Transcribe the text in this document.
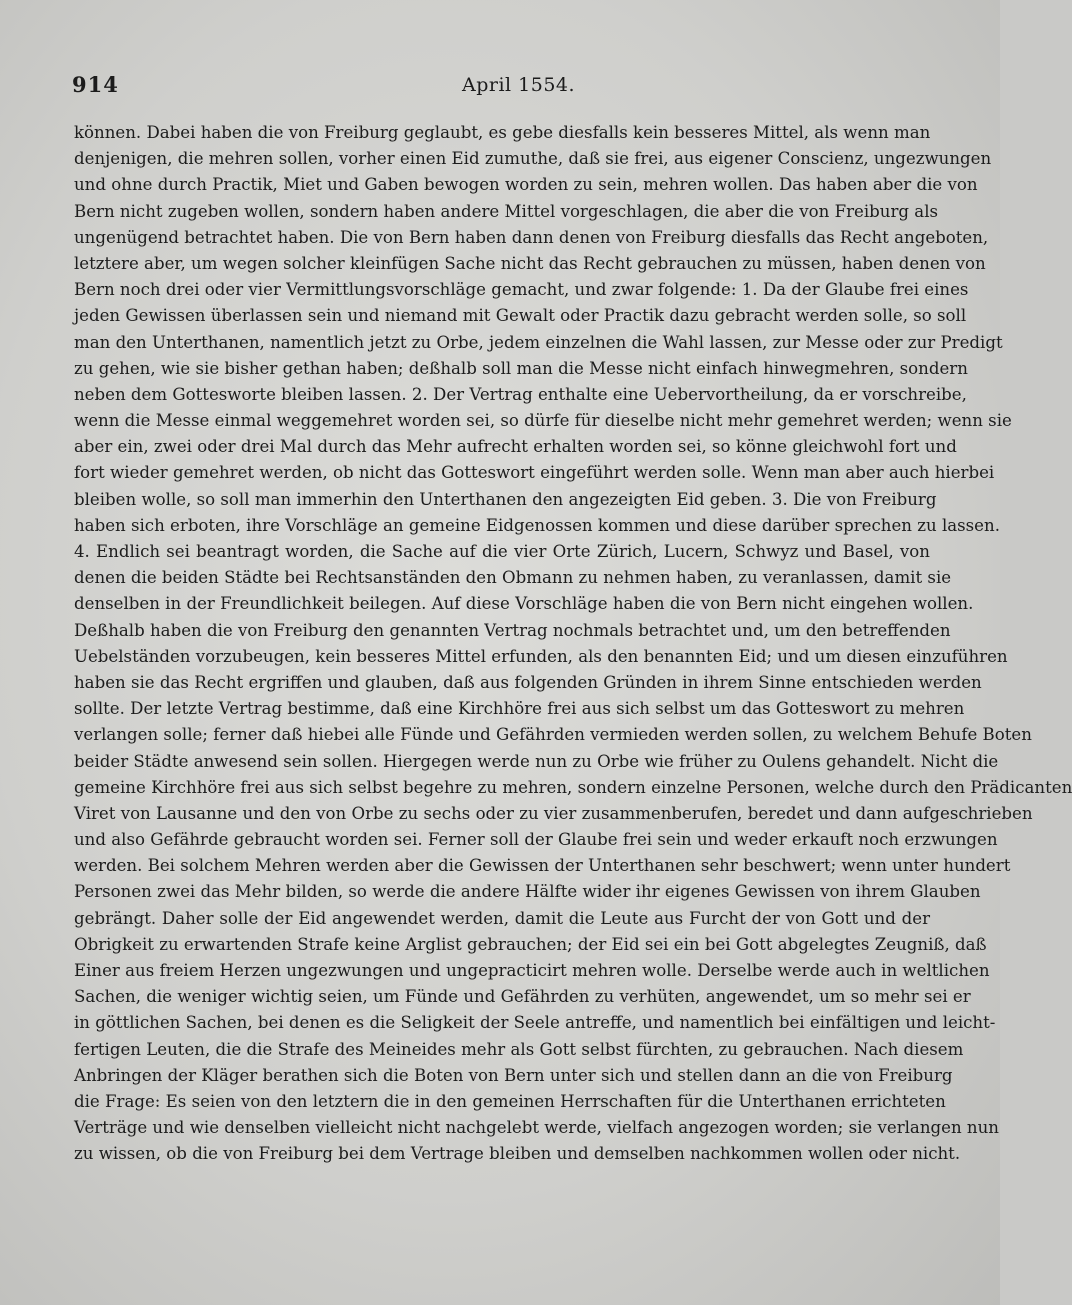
914	April 1554.
können. Dabei haben die von Freiburg geglaubt, es gebe diesfalls kein besseres Mittel, als wenn man
denjenigen, die mehren sollen, vorher einen Eid zumuthe, daß sie frei, aus eigener Conscienz, ungezwungen
und ohne durch Practik, Miet und Gaben bewogen worden zu sein, mehren wollen. Das haben aber die von
Bern nicht zugeben wollen, sondern haben andere Mittel vorgeschlagen, die aber die von Freiburg als
ungenügend betrachtet haben. Die von Bern haben dann denen von Freiburg diesfalls das Recht angeboten,
letztere aber, um wegen solcher kleinfügen Sache nicht das Recht gebrauchen zu müssen, haben denen von
Bern noch drei oder vier Vermittlungsvorschläge gemacht, und zwar folgende: 1. Da der Glaube frei eines
jeden Gewissen überlassen sein und niemand mit Gewalt oder Practik dazu gebracht werden solle, so soll
man den Unterthanen, namentlich jetzt zu Orbe, jedem einzelnen die Wahl lassen, zur Messe oder zur Predigt
zu gehen, wie sie bisher gethan haben; deßhalb soll man die Messe nicht einfach hinwegmehren, sondern
neben dem Gottesworte bleiben lassen. 2. Der Vertrag enthalte eine Uebervortheilung, da er vorschreibe,
wenn die Messe einmal weggemehret worden sei, so dürfe für dieselbe nicht mehr gemehret werden; wenn sie
aber ein, zwei oder drei Mal durch das Mehr aufrecht erhalten worden sei, so könne gleichwohl fort und
fort wieder gemehret werden, ob nicht das Gotteswort eingeführt werden solle. Wenn man aber auch hierbei
bleiben wolle, so soll man immerhin den Unterthanen den angezeigten Eid geben. 3. Die von Freiburg
haben sich erboten, ihre Vorschläge an gemeine Eidgenossen kommen und diese darüber sprechen zu lassen.
4. Endlich sei beantragt worden, die Sache auf die vier Orte Zürich, Lucern, Schwyz und Basel, von
denen die beiden Städte bei Rechtsanständen den Obmann zu nehmen haben, zu veranlassen, damit sie
denselben in der Freundlichkeit beilegen. Auf diese Vorschläge haben die von Bern nicht eingehen wollen.
Deßhalb haben die von Freiburg den genannten Vertrag nochmals betrachtet und, um den betreffenden
Uebelständen vorzubeugen, kein besseres Mittel erfunden, als den benannten Eid; und um diesen einzuführen
haben sie das Recht ergriffen und glauben, daß aus folgenden Gründen in ihrem Sinne entschieden werden
sollte. Der letzte Vertrag bestimme, daß eine Kirchhöre frei aus sich selbst um das Gotteswort zu mehren
verlangen solle; ferner daß hiebei alle Fünde und Gefährden vermieden werden sollen, zu welchem Behufe Boten
beider Städte anwesend sein sollen. Hiergegen werde nun zu Orbe wie früher zu Oulens gehandelt. Nicht die
gemeine Kirchhöre frei aus sich selbst begehre zu mehren, sondern einzelne Personen, welche durch den Prädicanten
Viret von Lausanne und den von Orbe zu sechs oder zu vier zusammenberufen, beredet und dann aufgeschrieben
und also Gefährde gebraucht worden sei. Ferner soll der Glaube frei sein und weder erkauft noch erzwungen
werden. Bei solchem Mehren werden aber die Gewissen der Unterthanen sehr beschwert; wenn unter hundert
Personen zwei das Mehr bilden, so werde die andere Hälfte wider ihr eigenes Gewissen von ihrem Glauben
gebrängt. Daher solle der Eid angewendet werden, damit die Leute aus Furcht der von Gott und der
Obrigkeit zu erwartenden Strafe keine Arglist gebrauchen; der Eid sei ein bei Gott abgelegtes Zeugniß, daß
Einer aus freiem Herzen ungezwungen und ungepracticirt mehren wolle. Derselbe werde auch in weltlichen
Sachen, die weniger wichtig seien, um Fünde und Gefährden zu verhüten, angewendet, um so mehr sei er
in göttlichen Sachen, bei denen es die Seligkeit der Seele antreffe, und namentlich bei einfältigen und leicht-
fertigen Leuten, die die Strafe des Meineides mehr als Gott selbst fürchten, zu gebrauchen. Nach diesem
Anbringen der Kläger berathen sich die Boten von Bern unter sich und stellen dann an die von Freiburg
die Frage: Es seien von den letztern die in den gemeinen Herrschaften für die Unterthanen errichteten
Verträge und wie denselben vielleicht nicht nachgelebt werde, vielfach angezogen worden; sie verlangen nun
zu wissen, ob die von Freiburg bei dem Vertrage bleiben und demselben nachkommen wollen oder nicht.
